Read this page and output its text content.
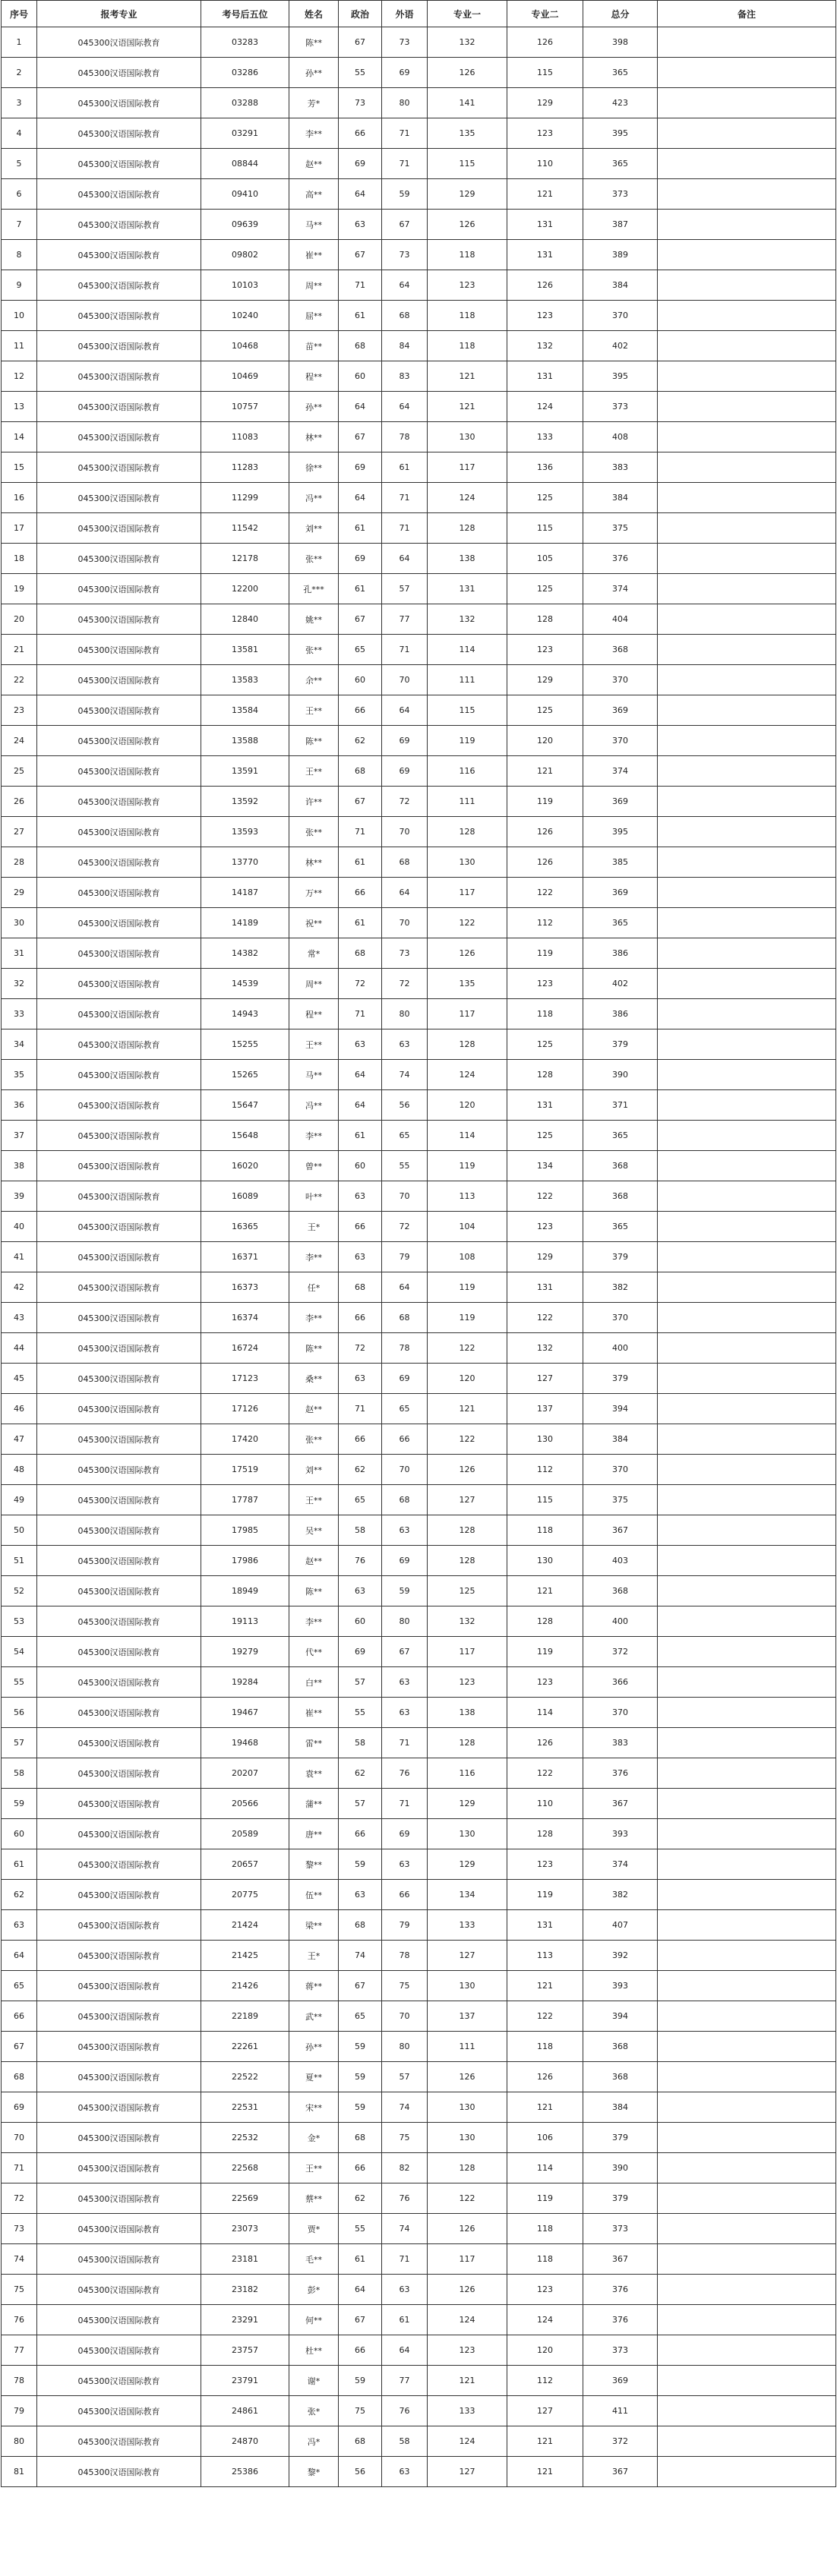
序号	报考专业	考号后五位	姓名	政治	外语	专业一	专业二	总分	备注
1	045300汉语国际教育	03283	陈**	67	73	132	126	398	
2	045300汉语国际教育	03286	孙**	55	69	126	115	365	
3	045300汉语国际教育	03288	芳*	73	80	141	129	423	
4	045300汉语国际教育	03291	李**	66	71	135	123	395	
5	045300汉语国际教育	08844	赵**	69	71	115	110	365	
6	045300汉语国际教育	09410	高**	64	59	129	121	373	
7	045300汉语国际教育	09639	马**	63	67	126	131	387	
8	045300汉语国际教育	09802	崔**	67	73	118	131	389	
9	045300汉语国际教育	10103	周**	71	64	123	126	384	
10	045300汉语国际教育	10240	屈**	61	68	118	123	370	
11	045300汉语国际教育	10468	苗**	68	84	118	132	402	
12	045300汉语国际教育	10469	程**	60	83	121	131	395	
13	045300汉语国际教育	10757	孙**	64	64	121	124	373	
14	045300汉语国际教育	11083	林**	67	78	130	133	408	
15	045300汉语国际教育	11283	徐**	69	61	117	136	383	
16	045300汉语国际教育	11299	冯**	64	71	124	125	384	
17	045300汉语国际教育	11542	刘**	61	71	128	115	375	
18	045300汉语国际教育	12178	张**	69	64	138	105	376	
19	045300汉语国际教育	12200	孔***	61	57	131	125	374	
20	045300汉语国际教育	12840	姚**	67	77	132	128	404	
21	045300汉语国际教育	13581	张**	65	71	114	123	368	
22	045300汉语国际教育	13583	余**	60	70	111	129	370	
23	045300汉语国际教育	13584	王**	66	64	115	125	369	
24	045300汉语国际教育	13588	陈**	62	69	119	120	370	
25	045300汉语国际教育	13591	王**	68	69	116	121	374	
26	045300汉语国际教育	13592	许**	67	72	111	119	369	
27	045300汉语国际教育	13593	张**	71	70	128	126	395	
28	045300汉语国际教育	13770	林**	61	68	130	126	385	
29	045300汉语国际教育	14187	万**	66	64	117	122	369	
30	045300汉语国际教育	14189	祝**	61	70	122	112	365	
31	045300汉语国际教育	14382	常*	68	73	126	119	386	
32	045300汉语国际教育	14539	周**	72	72	135	123	402	
33	045300汉语国际教育	14943	程**	71	80	117	118	386	
34	045300汉语国际教育	15255	王**	63	63	128	125	379	
35	045300汉语国际教育	15265	马**	64	74	124	128	390	
36	045300汉语国际教育	15647	冯**	64	56	120	131	371	
37	045300汉语国际教育	15648	李**	61	65	114	125	365	
38	045300汉语国际教育	16020	曾**	60	55	119	134	368	
39	045300汉语国际教育	16089	叶**	63	70	113	122	368	
40	045300汉语国际教育	16365	王*	66	72	104	123	365	
41	045300汉语国际教育	16371	李**	63	79	108	129	379	
42	045300汉语国际教育	16373	任*	68	64	119	131	382	
43	045300汉语国际教育	16374	李**	66	68	119	122	370	
44	045300汉语国际教育	16724	陈**	72	78	122	132	400	
45	045300汉语国际教育	17123	桑**	63	69	120	127	379	
46	045300汉语国际教育	17126	赵**	71	65	121	137	394	
47	045300汉语国际教育	17420	张**	66	66	122	130	384	
48	045300汉语国际教育	17519	刘**	62	70	126	112	370	
49	045300汉语国际教育	17787	王**	65	68	127	115	375	
50	045300汉语国际教育	17985	吴**	58	63	128	118	367	
51	045300汉语国际教育	17986	赵**	76	69	128	130	403	
52	045300汉语国际教育	18949	陈**	63	59	125	121	368	
53	045300汉语国际教育	19113	李**	60	80	132	128	400	
54	045300汉语国际教育	19279	代**	69	67	117	119	372	
55	045300汉语国际教育	19284	白**	57	63	123	123	366	
56	045300汉语国际教育	19467	崔**	55	63	138	114	370	
57	045300汉语国际教育	19468	雷**	58	71	128	126	383	
58	045300汉语国际教育	20207	袁**	62	76	116	122	376	
59	045300汉语国际教育	20566	蒲**	57	71	129	110	367	
60	045300汉语国际教育	20589	唐**	66	69	130	128	393	
61	045300汉语国际教育	20657	黎**	59	63	129	123	374	
62	045300汉语国际教育	20775	伍**	63	66	134	119	382	
63	045300汉语国际教育	21424	梁**	68	79	133	131	407	
64	045300汉语国际教育	21425	王*	74	78	127	113	392	
65	045300汉语国际教育	21426	蒋**	67	75	130	121	393	
66	045300汉语国际教育	22189	武**	65	70	137	122	394	
67	045300汉语国际教育	22261	孙**	59	80	111	118	368	
68	045300汉语国际教育	22522	夏**	59	57	126	126	368	
69	045300汉语国际教育	22531	宋**	59	74	130	121	384	
70	045300汉语国际教育	22532	金*	68	75	130	106	379	
71	045300汉语国际教育	22568	王**	66	82	128	114	390	
72	045300汉语国际教育	22569	蔡**	62	76	122	119	379	
73	045300汉语国际教育	23073	贾*	55	74	126	118	373	
74	045300汉语国际教育	23181	毛**	61	71	117	118	367	
75	045300汉语国际教育	23182	彭*	64	63	126	123	376	
76	045300汉语国际教育	23291	何**	67	61	124	124	376	
77	045300汉语国际教育	23757	杜**	66	64	123	120	373	
78	045300汉语国际教育	23791	谢*	59	77	121	112	369	
79	045300汉语国际教育	24861	张*	75	76	133	127	411	
80	045300汉语国际教育	24870	冯*	68	58	124	121	372	
81	045300汉语国际教育	25386	黎*	56	63	127	121	367	
